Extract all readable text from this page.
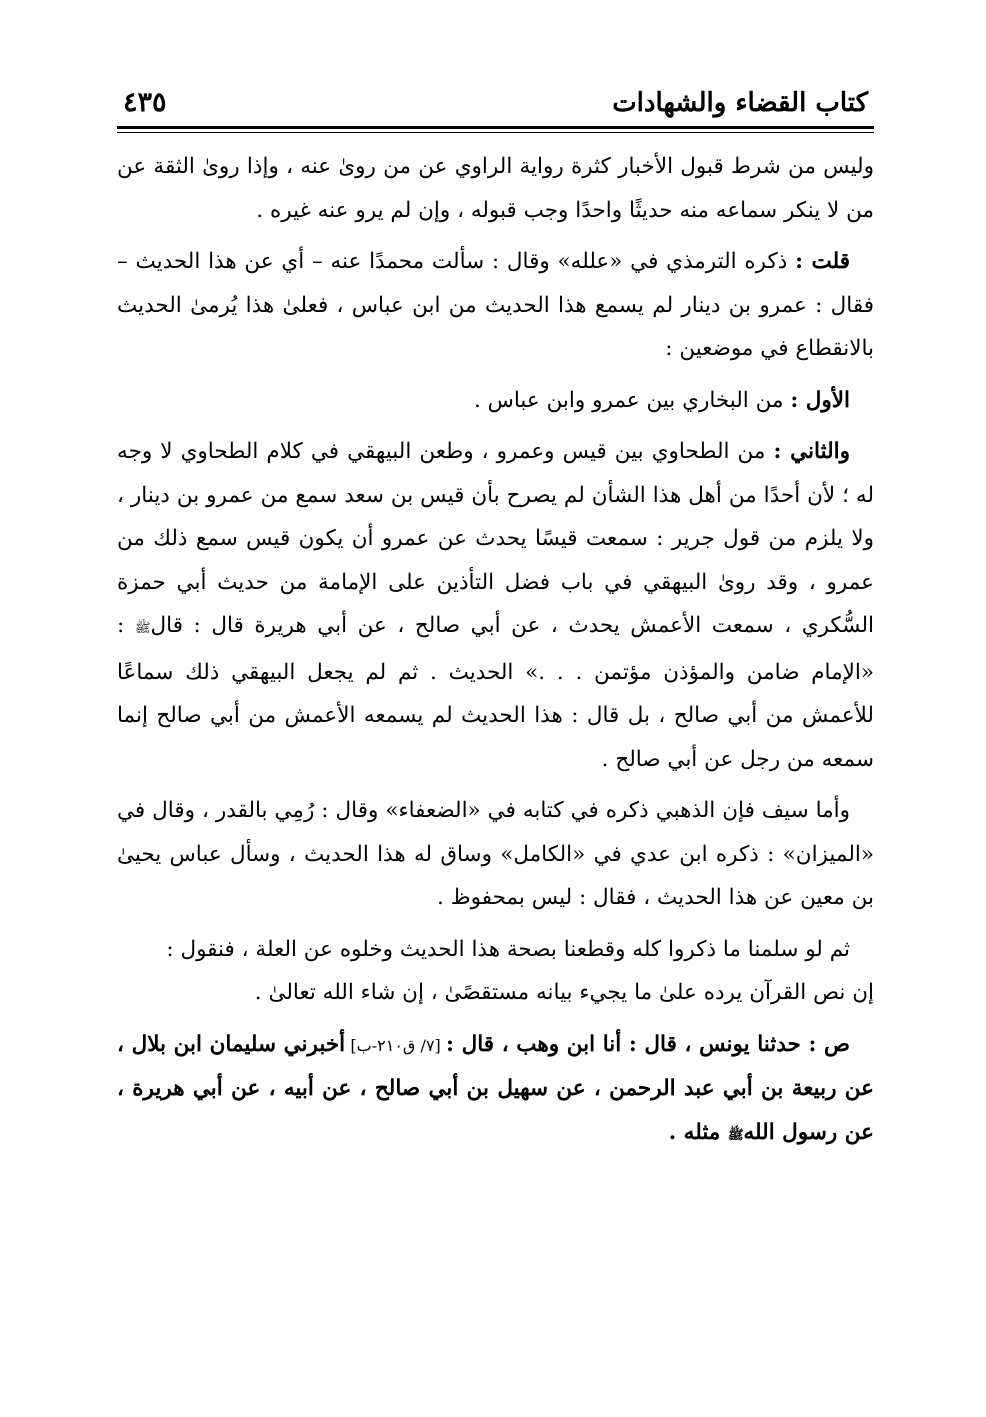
كتاب القضاء والشهادات
٤٣٥

وليس من شرط قبول الأخبار كثرة رواية الراوي عن من روىٰ عنه ، وإذا روىٰ الثقة عن من لا ينكر سماعه منه حديثًا واحدًا وجب قبوله ، وإن لم يرو عنه غيره .

قلت : ذكره الترمذي في «علله» وقال : سألت محمدًا عنه – أي عن هذا الحديث – فقال : عمرو بن دينار لم يسمع هذا الحديث من ابن عباس ، فعلىٰ هذا يُرمىٰ الحديث بالانقطاع في موضعين :

الأول : من البخاري بين عمرو وابن عباس .

والثاني : من الطحاوي بين قيس وعمرو ، وطعن البيهقي في كلام الطحاوي لا وجه له ؛ لأن أحدًا من أهل هذا الشأن لم يصرح بأن قيس بن سعد سمع من عمرو بن دينار ، ولا يلزم من قول جرير : سمعت قيسًا يحدث عن عمرو أن يكون قيس سمع ذلك من عمرو ، وقد روىٰ البيهقي في باب فضل التأذين على الإمامة من حديث أبي حمزة السُّكري ، سمعت الأعمش يحدث ، عن أبي صالح ، عن أبي هريرة قال : قالﷺ : «الإمام ضامن والمؤذن مؤتمن . . .» الحديث . ثم لم يجعل البيهقي ذلك سماعًا للأعمش من أبي صالح ، بل قال : هذا الحديث لم يسمعه الأعمش من أبي صالح إنما سمعه من رجل عن أبي صالح .

وأما سيف فإن الذهبي ذكره في كتابه في «الضعفاء» وقال : رُمِي بالقدر ، وقال في «الميزان» : ذكره ابن عدي في «الكامل» وساق له هذا الحديث ، وسأل عباس يحيىٰ بن معين عن هذا الحديث ، فقال : ليس بمحفوظ .

ثم لو سلمنا ما ذكروا كله وقطعنا بصحة هذا الحديث وخلوه عن العلة ، فنقول :

إن نص القرآن يرده علىٰ ما يجيء بيانه مستقصًىٰ ، إن شاء الله تعالىٰ .

ص : حدثنا يونس ، قال : أنا ابن وهب ، قال : [٧/ ق٢١٠-ب] أخبرني سليمان ابن بلال ، عن ربيعة بن أبي عبد الرحمن ، عن سهيل بن أبي صالح ، عن أبيه ، عن أبي هريرة ، عن رسول اللهﷺ مثله .
